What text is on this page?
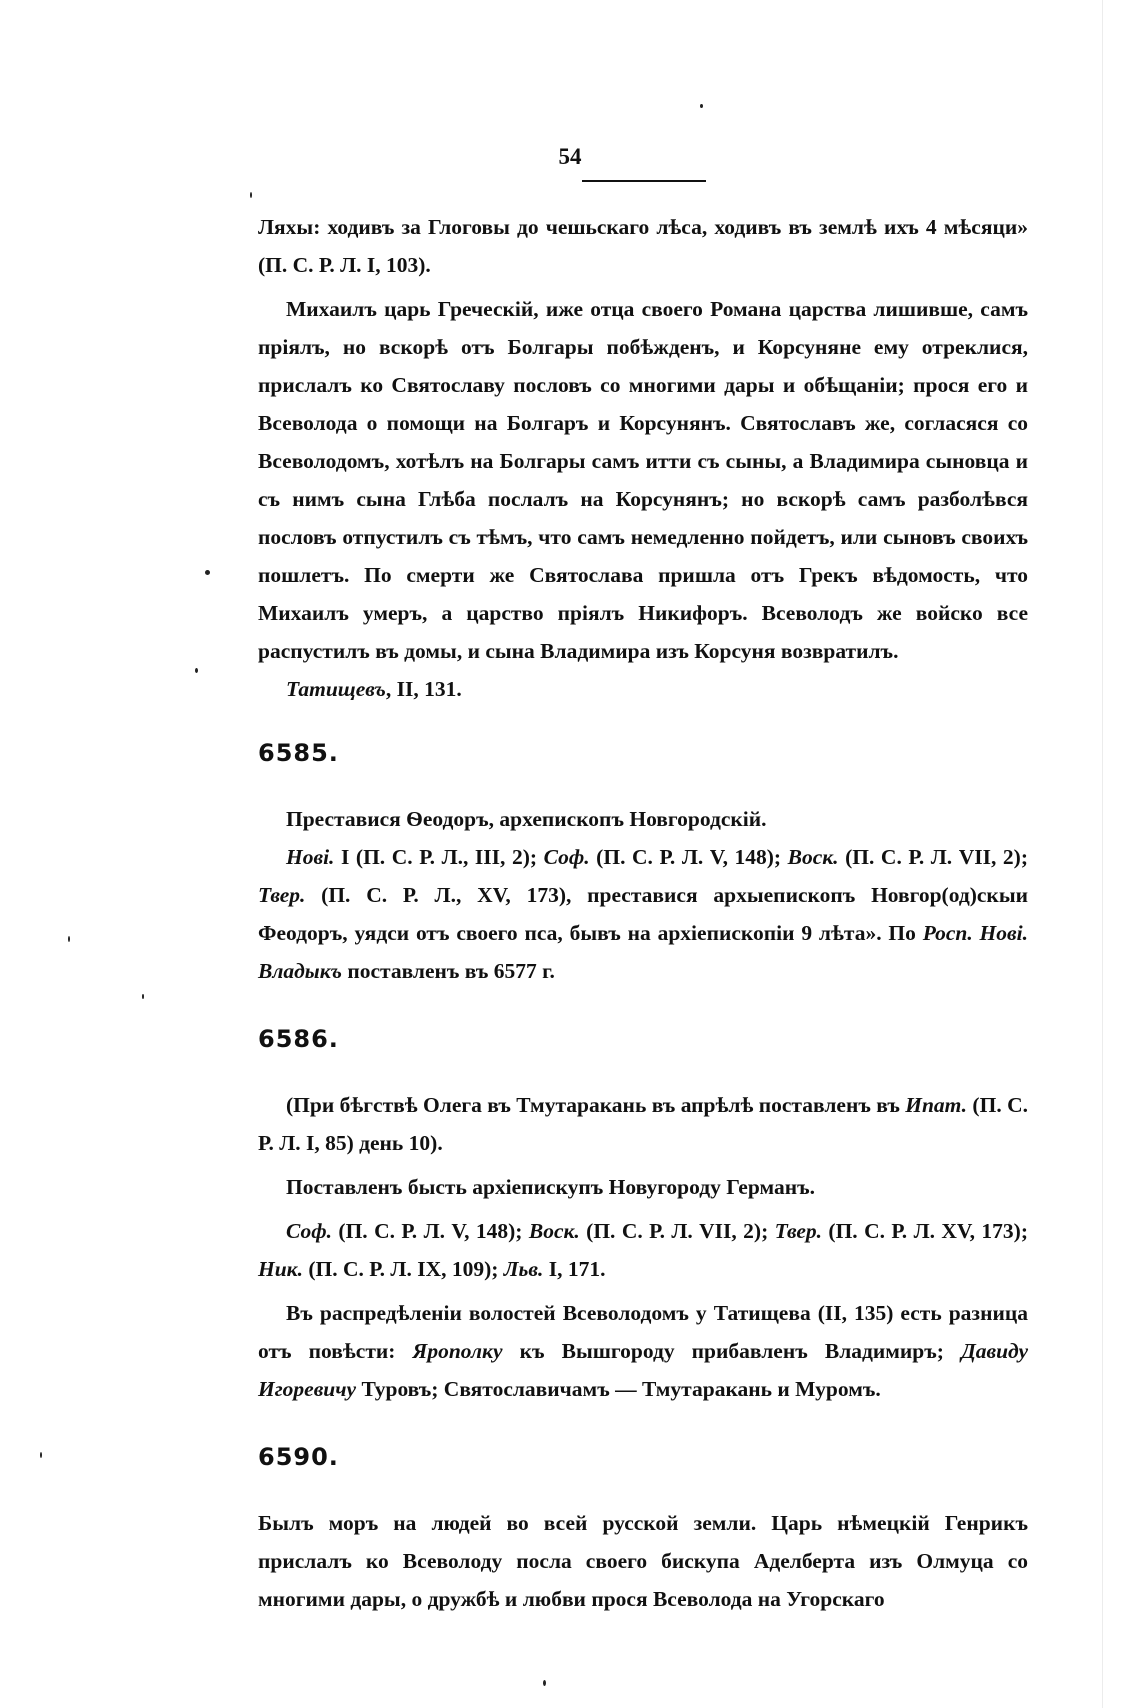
54

Ляхы: ходивъ за Глоговы до чешьскаго лѣса, ходивъ въ землѣ ихъ 4 мѣсяци» (П. С. Р. Л. I, 103).

Михаилъ царь Греческій, иже отца своего Романа царства лишивше, самъ пріялъ, но вскорѣ отъ Болгары побѣжденъ, и Корсуняне ему отреклися, прислалъ ко Святославу пословъ со многими дары и обѣщаніи; прося его и Всеволода о помощи на Болгаръ и Корсунянъ. Святославъ же, согласяся со Всеволодомъ, хотѣлъ на Болгары самъ итти съ сыны, а Владимира сыновца и съ нимъ сына Глѣба послалъ на Корсунянъ; но вскорѣ самъ разболѣвся пословъ отпустилъ съ тѣмъ, что самъ немедленно пойдетъ, или сыновъ своихъ пошлетъ. По смерти же Святослава пришла отъ Грекъ вѣдомость, что Михаилъ умеръ, а царство пріялъ Никифоръ. Всеволодъ же войско все распустилъ въ домы, и сына Владимира изъ Корсуня возвратилъ.

Татищевъ, II, 131.

6585.

Преставися Ѳеодоръ, архепископъ Новгородскій.

Нові. I (П. С. Р. Л., III, 2); Соф. (П. С. Р. Л. V, 148); Воск. (П. С. Р. Л. VII, 2); Твер. (П. С. Р. Л., XV, 173), преставися архыепископъ Новгор(од)скыи Феодоръ, уядси отъ своего пса, бывъ на архіепископіи 9 лѣта». По Росп. Нові. Владыкъ поставленъ въ 6577 г.

6586.

(При бѣгствѣ Олега въ Тмутаракань въ апрѣлѣ поставленъ въ Ипат. (П. С. Р. Л. I, 85) день 10).

Поставленъ бысть архіепискупъ Новугороду Германъ.

Соф. (П. С. Р. Л. V, 148); Воск. (П. С. Р. Л. VII, 2); Твер. (П. С. Р. Л. XV, 173); Ник. (П. С. Р. Л. IX, 109); Льв. I, 171.

Въ распредѣленіи волостей Всеволодомъ у Татищева (II, 135) есть разница отъ повѣсти: Ярополку къ Вышгороду прибавленъ Владимиръ; Давиду Игоревичу Туровъ; Святославичамъ — Тмутаракань и Муромъ.

6590.

Былъ моръ на людей во всей русской земли. Царь нѣмецкій Генрикъ прислалъ ко Всеволоду посла своего бискупа Аделберта изъ Олмуца со многими дары, о дружбѣ и любви прося Всеволода на Угорскаго
